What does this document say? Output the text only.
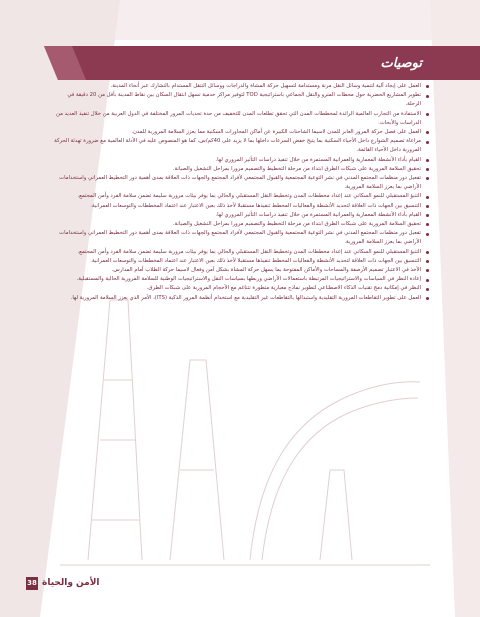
توصيات
العمل على إيجاد آلية لتنمية وسائل النقل مرنة ومستدامة لتسهيل حركة المشاة والدراجات ووسائل التنقل المستدام بالتشارك عبر أنحاء المدينة.
تطوير المشاريع الحضرية حول محطات المترو والنقل الجماعي باستراتيجية TOD لتوفير مراكز خدمية تسهل انتقال السكان بين نقاط المدينة بأقل من 20 دقيقة في الرحلة.
الاستفادة من التجارب العالمية الرائدة لمخططات المدن التي تحقق تطلعات المدن للتخفيف من حدة تحديات المرور المختلفة في الدول العربية من خلال تنفيذ العديد من الدراسات والأبحاث.
العمل على فصل حركة المرور العابر للمدن لاسيما الشاحنات الكبيرة عن أماكن المجاورات السكنية مما يعزز السلامة المرورية للمدن.
مراعاة تصميم الشوارع داخل الأحياء السكنية بما يتيح خفض السرعات داخلها بما لا يزيد على 40كم/س، كما هو المنصوص عليه في الأدلة العالمية مع ضرورة تهدئة الحركة المرورية داخل الأحياء القائمة.
القيام بأداء الأنشطة المعمارية والعمرانية المستمرة من خلال تنفيذ دراسات التأثير المروري لها.
تحقيق السلامة المرورية على شبكات الطرق ابتداء من مرحلة التخطيط والتصميم مرورا بمراحل التشغيل والصيانة.
تفعيل دور منظمات المجتمع المدني في نشر التوعية المجتمعية والقبول المجتمعي لأفراد المجتمع والجهات ذات العلاقة بمدى أهمية دور التخطيط العمراني واستخدامات الأراضي بما يعزز السلامة المرورية.
التنبؤ المستقبلي للنمو السكاني عند إعداد مخططات المدن وتخطيط النقل المستقبلي والحالي بما يوفر بيئات مرورية سليمة تضمن سلامة الفرد وأمن المجتمع.
التنسيق بين الجهات ذات العلاقة لتحديد الأنشطة والفعاليات المخطط تنفيذها مستقبلا لأخذ ذلك بعين الاعتبار عند اعتماد المخططات والتوسعات العمرانية.
القيام بأداء الأنشطة المعمارية والعمرانية المستمرة من خلال تنفيذ دراسات التأثير المروري لها.
تحقيق السلامة المرورية على شبكات الطرق ابتداء من مرحلة التخطيط والتصميم مرورا بمراحل التشغيل والصيانة.
تفعيل دور منظمات المجتمع المدني في نشر التوعية المجتمعية والقبول المجتمعي لأفراد المجتمع والجهات ذات العلاقة بمدى أهمية دور التخطيط العمراني واستخدامات الأراضي بما يعزز السلامة المرورية.
التنبؤ المستقبلي للنمو السكاني عند إعداد مخططات المدن وتخطيط النقل المستقبلي والحالي بما يوفر بيئات مرورية سليمة تضمن سلامة الفرد وأمن المجتمع.
التنسيق بين الجهات ذات العلاقة لتحديد الأنشطة والفعاليات المخطط تنفيذها مستقبلا لأخذ ذلك بعين الاعتبار عند اعتماد المخططات والتوسعات العمرانية.
الأخذ في الاعتبار تصميم الأرصفة والمساحات والأماكن المفتوحة بما يسهل حركة المشاة بشكل آمن وفعال لاسيما حركة الطلاب أمام المدارس.
إعادة النظر في السياسات والاستراتيجيات المرتبطة باستعمالات الأراضي وربطها بسياسات النقل والاستراتيجيات الوطنية للسلامة المرورية الحالية والمستقبلية.
النظر في إمكانية دمج تقنيات الذكاء الاصطناعي لتطوير نماذج معيارية متطورة تتناغم مع الأحجام المرورية على شبكات الطرق.
العمل على تطوير التقاطعات المرورية التقليدية واستبدالها بالتقاطعات غير التقليدية مع استخدام أنظمة المرور الذكية (ITS)، الأمر الذي يعزز السلامة المرورية لها.
38 الأمن والحياة
